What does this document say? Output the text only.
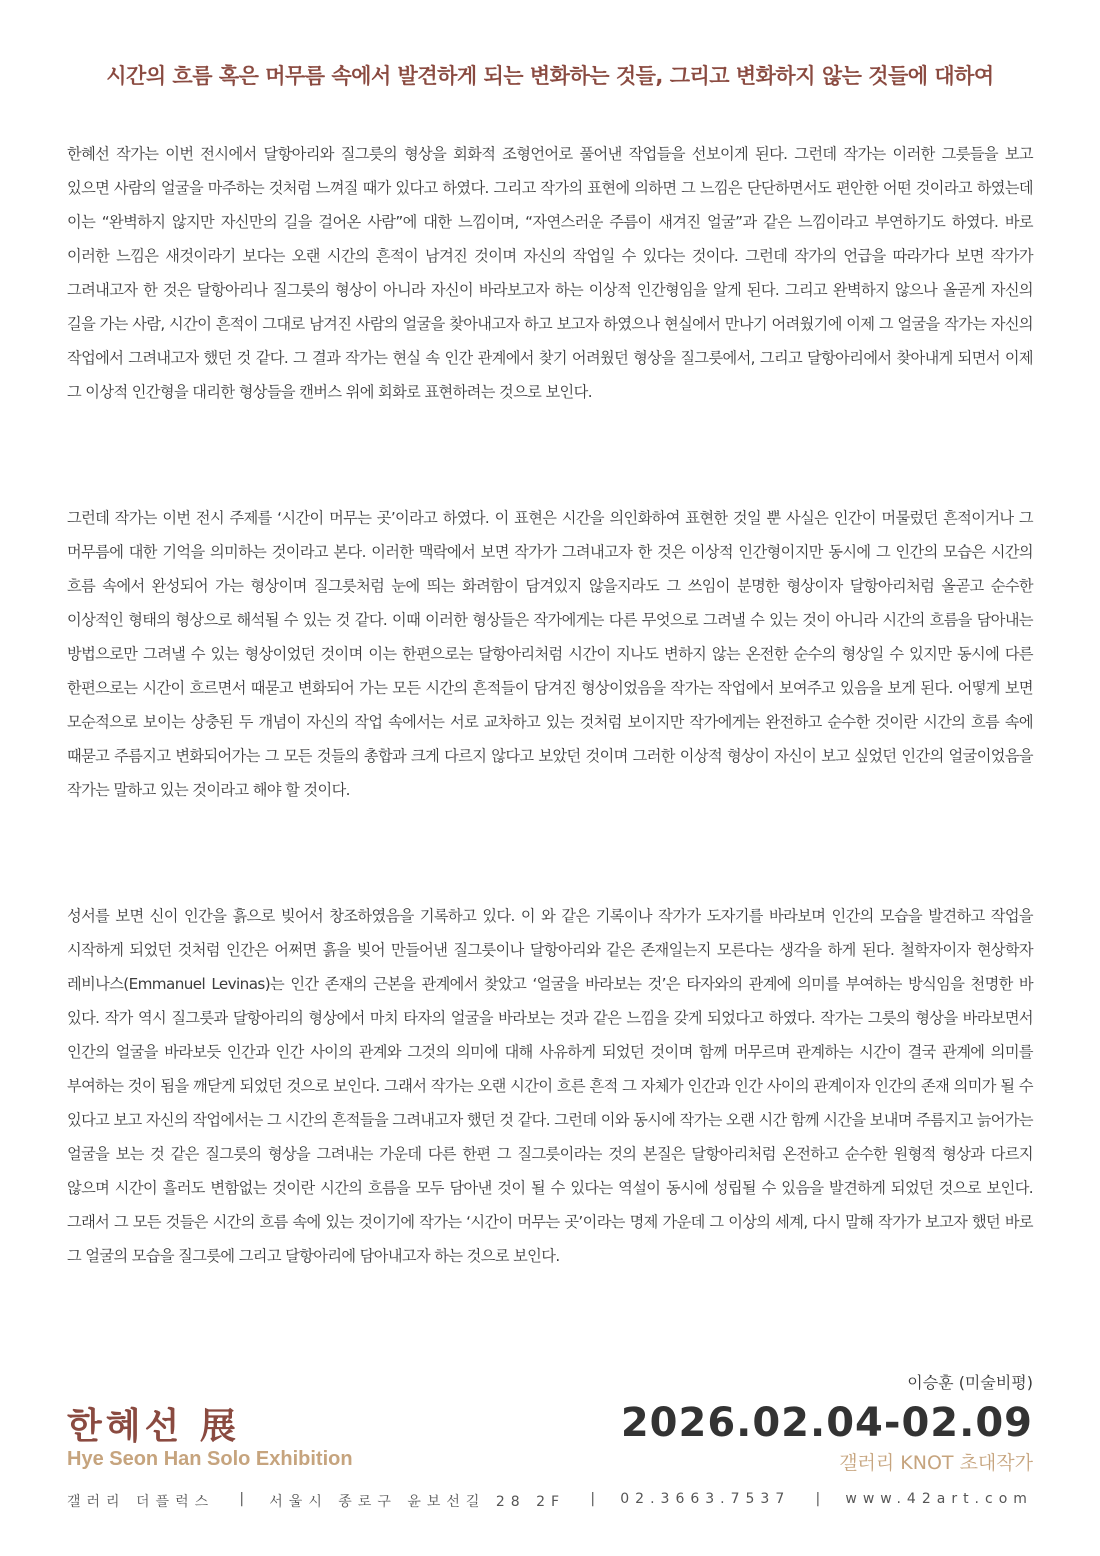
시간의 흐름 혹은 머무름 속에서 발견하게 되는 변화하는 것들, 그리고 변화하지 않는 것들에 대하여

한혜선 작가는 이번 전시에서 달항아리와 질그릇의 형상을 회화적 조형언어로 풀어낸 작업들을 선보이게 된다. 그런데 작가는 이러한 그릇들을 보고 있으면 사람의 얼굴을 마주하는 것처럼 느껴질 때가 있다고 하였다. 그리고 작가의 표현에 의하면 그 느낌은 단단하면서도 편안한 어떤 것이라고 하였는데 이는 “완벽하지 않지만 자신만의 길을 걸어온 사람”에 대한 느낌이며, “자연스러운 주름이 새겨진 얼굴”과 같은 느낌이라고 부연하기도 하였다. 바로 이러한 느낌은 새것이라기 보다는 오랜 시간의 흔적이 남겨진 것이며 자신의 작업일 수 있다는 것이다. 그런데 작가의 언급을 따라가다 보면 작가가 그려내고자 한 것은 달항아리나 질그릇의 형상이 아니라 자신이 바라보고자 하는 이상적 인간형임을 알게 된다. 그리고 완벽하지 않으나 올곧게 자신의 길을 가는 사람, 시간이 흔적이 그대로 남겨진 사람의 얼굴을 찾아내고자 하고 보고자 하였으나 현실에서 만나기 어려웠기에 이제 그 얼굴을 작가는 자신의 작업에서 그려내고자 했던 것 같다. 그 결과 작가는 현실 속 인간 관계에서 찾기 어려웠던 형상을 질그릇에서, 그리고 달항아리에서 찾아내게 되면서 이제 그 이상적 인간형을 대리한 형상들을 캔버스 위에 회화로 표현하려는 것으로 보인다.

그런데 작가는 이번 전시 주제를 ‘시간이 머무는 곳’이라고 하였다. 이 표현은 시간을 의인화하여 표현한 것일 뿐 사실은 인간이 머물렀던 흔적이거나 그 머무름에 대한 기억을 의미하는 것이라고 본다. 이러한 맥락에서 보면 작가가 그려내고자 한 것은 이상적 인간형이지만 동시에 그 인간의 모습은 시간의 흐름 속에서 완성되어 가는 형상이며 질그릇처럼 눈에 띄는 화려함이 담겨있지 않을지라도 그 쓰임이 분명한 형상이자 달항아리처럼 올곧고 순수한 이상적인 형태의 형상으로 해석될 수 있는 것 같다. 이때 이러한 형상들은 작가에게는 다른 무엇으로 그려낼 수 있는 것이 아니라 시간의 흐름을 담아내는 방법으로만 그려낼 수 있는 형상이었던 것이며 이는 한편으로는 달항아리처럼 시간이 지나도 변하지 않는 온전한 순수의 형상일 수 있지만 동시에 다른 한편으로는 시간이 흐르면서 때묻고 변화되어 가는 모든 시간의 흔적들이 담겨진 형상이었음을 작가는 작업에서 보여주고 있음을 보게 된다. 어떻게 보면 모순적으로 보이는 상충된 두 개념이 자신의 작업 속에서는 서로 교차하고 있는 것처럼 보이지만 작가에게는 완전하고 순수한 것이란 시간의 흐름 속에 때묻고 주름지고 변화되어가는 그 모든 것들의 총합과 크게 다르지 않다고 보았던 것이며 그러한 이상적 형상이 자신이 보고 싶었던 인간의 얼굴이었음을 작가는 말하고 있는 것이라고 해야 할 것이다.

성서를 보면 신이 인간을 흙으로 빚어서 창조하였음을 기록하고 있다. 이 와 같은 기록이나 작가가 도자기를 바라보며 인간의 모습을 발견하고 작업을 시작하게 되었던 것처럼 인간은 어쩌면 흙을 빚어 만들어낸 질그릇이나 달항아리와 같은 존재일는지 모른다는 생각을 하게 된다. 철학자이자 현상학자 레비나스(Emmanuel Levinas)는 인간 존재의 근본을 관계에서 찾았고 ‘얼굴을 바라보는 것’은 타자와의 관계에 의미를 부여하는 방식임을 천명한 바 있다. 작가 역시 질그릇과 달항아리의 형상에서 마치 타자의 얼굴을 바라보는 것과 같은 느낌을 갖게 되었다고 하였다. 작가는 그릇의 형상을 바라보면서 인간의 얼굴을 바라보듯 인간과 인간 사이의 관계와 그것의 의미에 대해 사유하게 되었던 것이며 함께 머무르며 관계하는 시간이 결국 관계에 의미를 부여하는 것이 됨을 깨닫게 되었던 것으로 보인다. 그래서 작가는 오랜 시간이 흐른 흔적 그 자체가 인간과 인간 사이의 관계이자 인간의 존재 의미가 될 수 있다고 보고 자신의 작업에서는 그 시간의 흔적들을 그려내고자 했던 것 같다. 그런데 이와 동시에 작가는 오랜 시간 함께 시간을 보내며 주름지고 늙어가는 얼굴을 보는 것 같은 질그릇의 형상을 그려내는 가운데 다른 한편 그 질그릇이라는 것의 본질은 달항아리처럼 온전하고 순수한 원형적 형상과 다르지 않으며 시간이 흘러도 변함없는 것이란 시간의 흐름을 모두 담아낸 것이 될 수 있다는 역설이 동시에 성립될 수 있음을 발견하게 되었던 것으로 보인다. 그래서 그 모든 것들은 시간의 흐름 속에 있는 것이기에 작가는 ‘시간이 머무는 곳’이라는 명제 가운데 그 이상의 세계, 다시 말해 작가가 보고자 했던 바로 그 얼굴의 모습을 질그릇에 그리고 달항아리에 담아내고자 하는 것으로 보인다.

이승훈 (미술비평)
한혜선 展
Hye Seon Han Solo Exhibition
2026.02.04-02.09
갤러리 KNOT 초대작가
갤러리 더플럭스 | 서울시 종로구 윤보선길 28 2F | 02.3663.7537 | www.42art.com
